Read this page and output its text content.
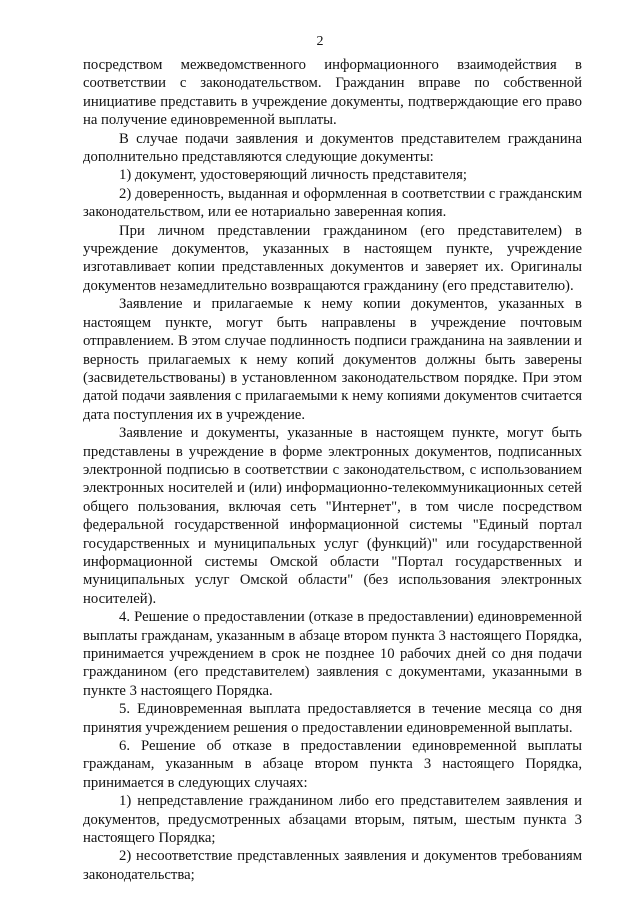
2

посредством межведомственного информационного взаимодействия в соответствии с законодательством. Гражданин вправе по собственной инициативе представить в учреждение документы, подтверждающие его право на получение единовременной выплаты.

В случае подачи заявления и документов представителем гражданина дополнительно представляются следующие документы:

1) документ, удостоверяющий личность представителя;

2) доверенность, выданная и оформленная в соответствии с гражданским законодательством, или ее нотариально заверенная копия.

При личном представлении гражданином (его представителем) в учреждение документов, указанных в настоящем пункте, учреждение изготавливает копии представленных документов и заверяет их. Оригиналы документов незамедлительно возвращаются гражданину (его представителю).

Заявление и прилагаемые к нему копии документов, указанных в настоящем пункте, могут быть направлены в учреждение почтовым отправлением. В этом случае подлинность подписи гражданина на заявлении и верность прилагаемых к нему копий документов должны быть заверены (засвидетельствованы) в установленном законодательством порядке. При этом датой подачи заявления с прилагаемыми к нему копиями документов считается дата поступления их в учреждение.

Заявление и документы, указанные в настоящем пункте, могут быть представлены в учреждение в форме электронных документов, подписанных электронной подписью в соответствии с законодательством, с использованием электронных носителей и (или) информационно-телекоммуникационных сетей общего пользования, включая сеть "Интернет", в том числе посредством федеральной государственной информационной системы "Единый портал государственных и муниципальных услуг (функций)" или государственной информационной системы Омской области "Портал государственных и муниципальных услуг Омской области" (без использования электронных носителей).

4. Решение о предоставлении (отказе в предоставлении) единовременной выплаты гражданам, указанным в абзаце втором пункта 3 настоящего Порядка, принимается учреждением в срок не позднее 10 рабочих дней со дня подачи гражданином (его представителем) заявления с документами, указанными в пункте 3 настоящего Порядка.

5. Единовременная выплата предоставляется в течение месяца со дня принятия учреждением решения о предоставлении единовременной выплаты.

6. Решение об отказе в предоставлении единовременной выплаты гражданам, указанным в абзаце втором пункта 3 настоящего Порядка, принимается в следующих случаях:

1) непредставление гражданином либо его представителем заявления и документов, предусмотренных абзацами вторым, пятым, шестым пункта 3 настоящего Порядка;

2) несоответствие представленных заявления и документов требованиям законодательства;
